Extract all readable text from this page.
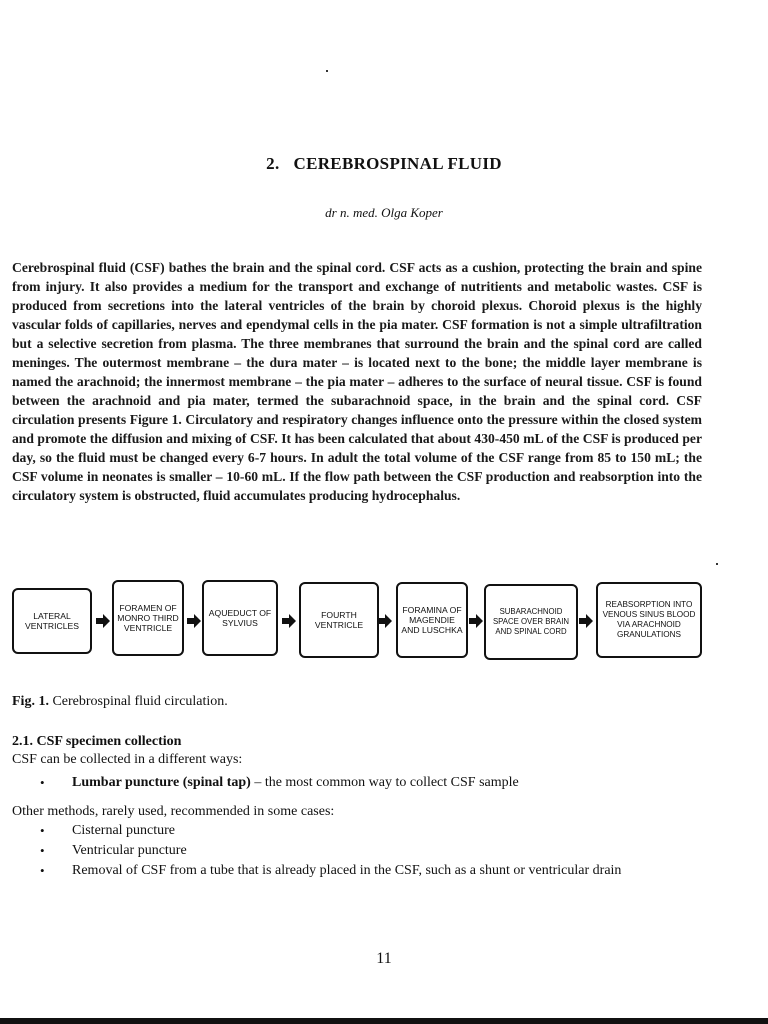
2. CEREBROSPINAL FLUID
dr n. med. Olga Koper
Cerebrospinal fluid (CSF) bathes the brain and the spinal cord. CSF acts as a cushion, protecting the brain and spine from injury. It also provides a medium for the transport and exchange of nutritients and metabolic wastes. CSF is produced from secretions into the lateral ventricles of the brain by choroid plexus. Choroid plexus is the highly vascular folds of capillaries, nerves and ependymal cells in the pia mater. CSF formation is not a simple ultrafiltration but a selective secretion from plasma. The three membranes that surround the brain and the spinal cord are called meninges. The outermost membrane – the dura mater – is located next to the bone; the middle layer membrane is named the arachnoid; the innermost membrane – the pia mater – adheres to the surface of neural tissue. CSF is found between the arachnoid and pia mater, termed the subarachnoid space, in the brain and the spinal cord. CSF circulation presents Figure 1. Circulatory and respiratory changes influence onto the pressure within the closed system and promote the diffusion and mixing of CSF. It has been calculated that about 430-450 mL of the CSF is produced per day, so the fluid must be changed every 6-7 hours. In adult the total volume of the CSF range from 85 to 150 mL; the CSF volume in neonates is smaller – 10-60 mL. If the flow path between the CSF production and reabsorption into the circulatory system is obstructed, fluid accumulates producing hydrocephalus.
LATERAL VENTRICLES
FORAMEN OF MONRO THIRD VENTRICLE
AQUEDUCT OF SYLVIUS
FOURTH VENTRICLE
FORAMINA OF MAGENDIE AND LUSCHKA
SUBARACHNOID SPACE OVER BRAIN AND SPINAL CORD
REABSORPTION INTO VENOUS SINUS BLOOD VIA ARACHNOID GRANULATIONS
Fig. 1. Cerebrospinal fluid circulation.
2.1. CSF specimen collection
CSF can be collected in a different ways:
• Lumbar puncture (spinal tap) – the most common way to collect CSF sample
Other methods, rarely used, recommended in some cases:
• Cisternal puncture
• Ventricular puncture
• Removal of CSF from a tube that is already placed in the CSF, such as a shunt or ventricular drain
11
